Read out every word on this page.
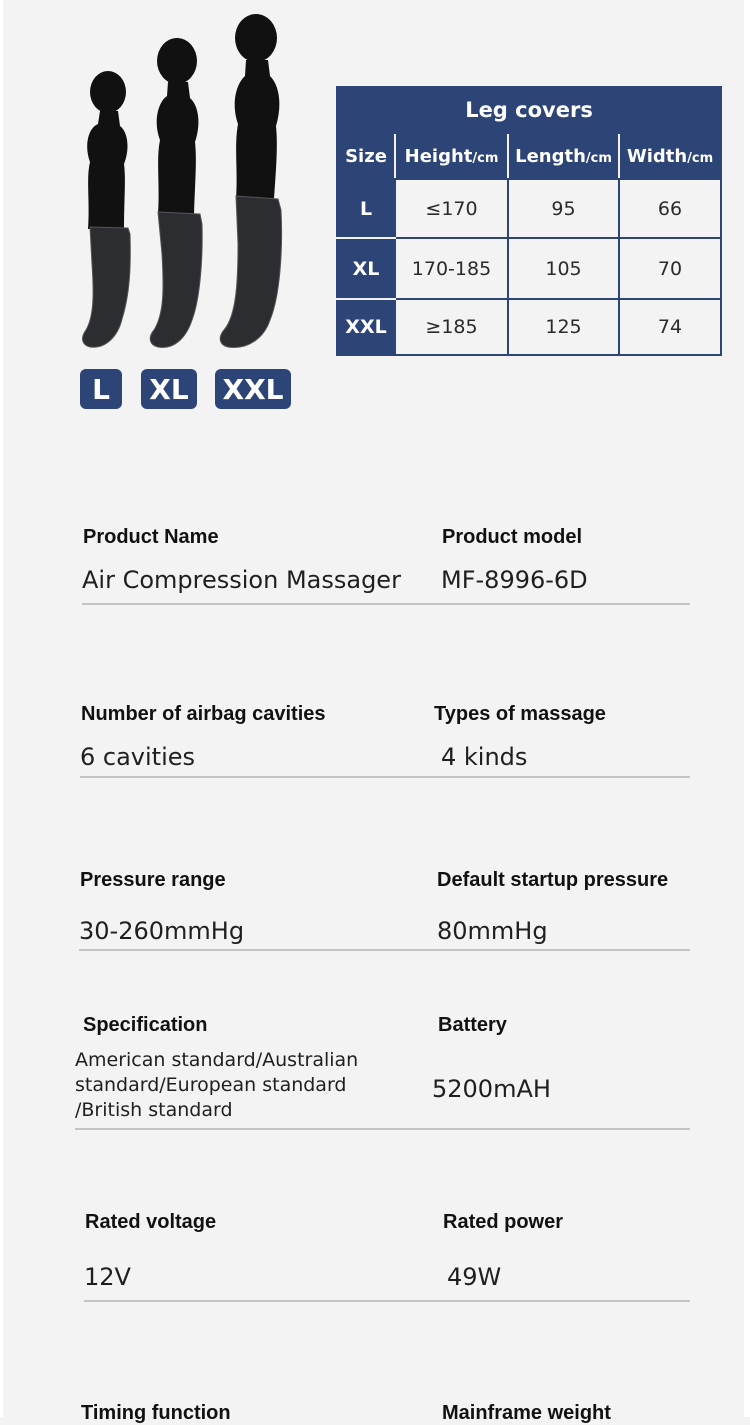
L	XL XXL
Leg covers			
Size	Height/cm	Length/cm	Width/cm
L	≤170	95	66
XL	170-185	105	70
XXL	≥185	125	74
Product Name
Air Compression Massager
Product model
MF-8996-6D
Number of airbag cavities
6 cavities
Types of massage
4 kinds
Pressure range
30-260mmHg
Default startup pressure
80mmHg
Specification
American standard/Australian standard/European standard /British standard
Battery
5200mAH
Rated voltage
12V
Rated power
49W
Timing function	Mainframe weight
